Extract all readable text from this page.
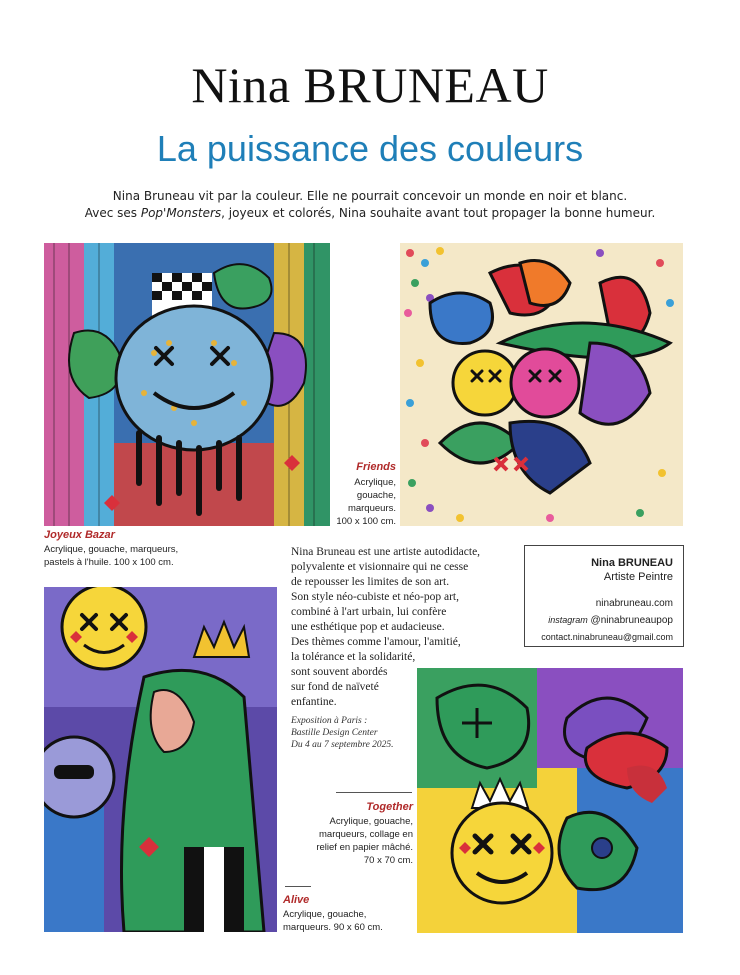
Nina BRUNEAU
La puissance des couleurs
Nina Bruneau vit par la couleur. Elle ne pourrait concevoir un monde en noir et blanc.
Avec ses Pop'Monsters, joyeux et colorés, Nina souhaite avant tout propager la bonne humeur.
Joyeux Bazar
Acrylique, gouache, marqueurs,
pastels à l'huile. 100 x 100 cm.
Friends
Acrylique,
gouache,
marqueurs.
100 x 100 cm.
Nina Bruneau est une artiste autodidacte,
polyvalente et visionnaire qui ne cesse
de repousser les limites de son art.
Son style néo-cubiste et néo-pop art,
combiné à l'art urbain, lui confère
une esthétique pop et audacieuse.
Des thèmes comme l'amour, l'amitié,
la tolérance et la solidarité,
sont souvent abordés
sur fond de naïveté
enfantine.
Exposition à Paris :
Bastille Design Center
Du 4 au 7 septembre 2025.
Nina BRUNEAU
Artiste Peintre
ninabruneau.com
instagram @ninabruneaupop
contact.ninabruneau@gmail.com
Together
Acrylique, gouache,
marqueurs, collage en
relief en papier mâché.
70 x 70 cm.
Alive
Acrylique, gouache,
marqueurs. 90 x 60 cm.
